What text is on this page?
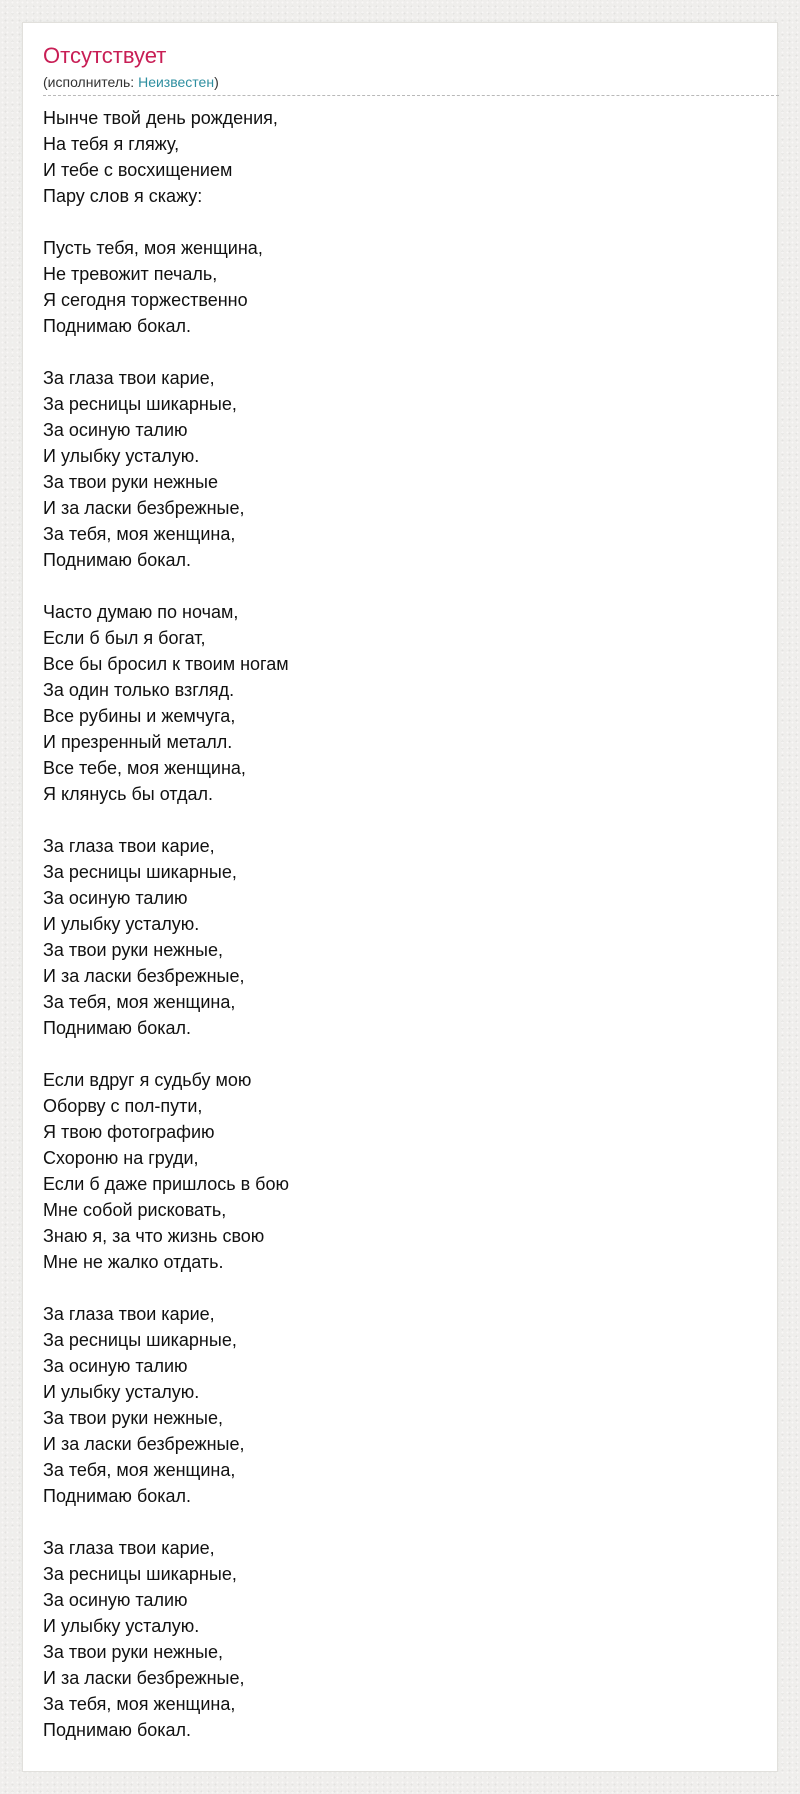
Отсутствует
(исполнитель: Неизвестен)
Нынче твой день рождения,
На тебя я гляжу,
И тебе с восхищением
Пару слов я скажу:
Пусть тебя, моя женщина,
Не тревожит печаль,
Я сегодня торжественно
Поднимаю бокал.
За глаза твои карие,
За ресницы шикарные,
За осиную талию
И улыбку усталую.
За твои руки нежные
И за ласки безбрежные,
За тебя, моя женщина,
Поднимаю бокал.
Часто думаю по ночам,
Если б был я богат,
Все бы бросил к твоим ногам
За один только взгляд.
Все рубины и жемчуга,
И презренный металл.
Все тебе, моя женщина,
Я клянусь бы отдал.
За глаза твои карие,
За ресницы шикарные,
За осиную талию
И улыбку усталую.
За твои руки нежные,
И за ласки безбрежные,
За тебя, моя женщина,
Поднимаю бокал.
Если вдруг я судьбу мою
Оборву с пол-пути,
Я твою фотографию
Схороню на груди,
Если б даже пришлось в бою
Мне собой рисковать,
Знаю я, за что жизнь свою
Мне не жалко отдать.
За глаза твои карие,
За ресницы шикарные,
За осиную талию
И улыбку усталую.
За твои руки нежные,
И за ласки безбрежные,
За тебя, моя женщина,
Поднимаю бокал.
За глаза твои карие,
За ресницы шикарные,
За осиную талию
И улыбку усталую.
За твои руки нежные,
И за ласки безбрежные,
За тебя, моя женщина,
Поднимаю бокал.
